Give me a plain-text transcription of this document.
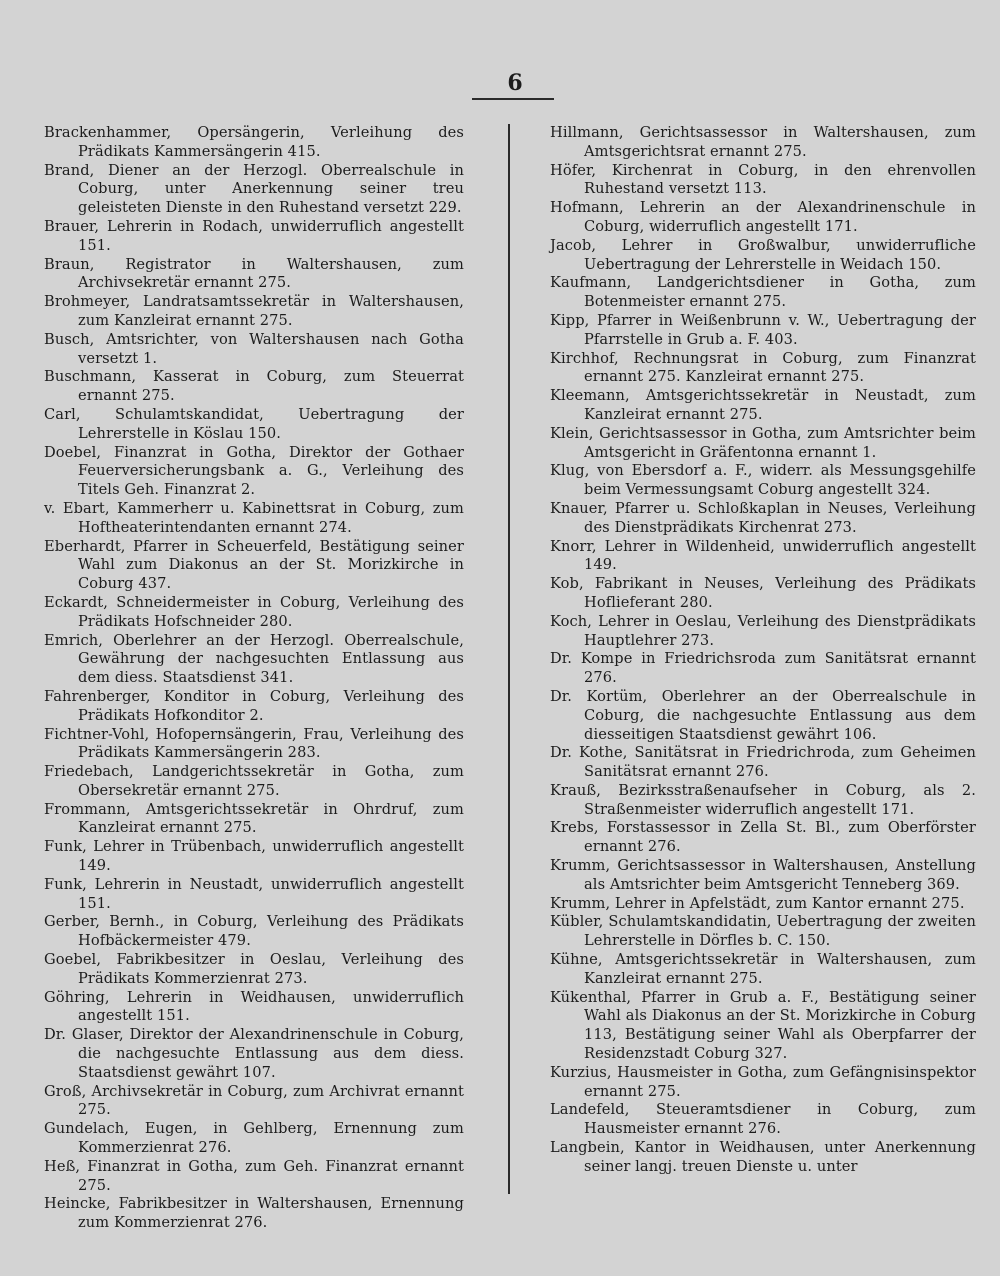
6
Brackenhammer, Opersängerin, Verleihung des Prädikats Kammersängerin 415.
Brand, Diener an der Herzogl. Oberrealschule in Coburg, unter Anerkennung seiner treu geleisteten Dienste in den Ruhestand versetzt 229.
Brauer, Lehrerin in Rodach, unwiderruflich angestellt 151.
Braun, Registrator in Waltershausen, zum Archivsekretär ernannt 275.
Brohmeyer, Landratsamtssekretär in Waltershausen, zum Kanzleirat ernannt 275.
Busch, Amtsrichter, von Waltershausen nach Gotha versetzt 1.
Buschmann, Kasserat in Coburg, zum Steuerrat ernannt 275.
Carl, Schulamtskandidat, Uebertragung der Lehrerstelle in Köslau 150.
Doebel, Finanzrat in Gotha, Direktor der Gothaer Feuerversicherungsbank a. G., Verleihung des Titels Geh. Finanzrat 2.
v. Ebart, Kammerherr u. Kabinettsrat in Coburg, zum Hoftheaterintendanten ernannt 274.
Eberhardt, Pfarrer in Scheuerfeld, Bestätigung seiner Wahl zum Diakonus an der St. Morizkirche in Coburg 437.
Eckardt, Schneidermeister in Coburg, Verleihung des Prädikats Hofschneider 280.
Emrich, Oberlehrer an der Herzogl. Oberrealschule, Gewährung der nachgesuchten Entlassung aus dem diess. Staatsdienst 341.
Fahrenberger, Konditor in Coburg, Verleihung des Prädikats Hofkonditor 2.
Fichtner-Vohl, Hofopernsängerin, Frau, Verleihung des Prädikats Kammersängerin 283.
Friedebach, Landgerichtssekretär in Gotha, zum Obersekretär ernannt 275.
Frommann, Amtsgerichtssekretär in Ohrdruf, zum Kanzleirat ernannt 275.
Funk, Lehrer in Trübenbach, unwiderruflich angestellt 149.
Funk, Lehrerin in Neustadt, unwiderruflich angestellt 151.
Gerber, Bernh., in Coburg, Verleihung des Prädikats Hofbäckermeister 479.
Goebel, Fabrikbesitzer in Oeslau, Verleihung des Prädikats Kommerzienrat 273.
Göhring, Lehrerin in Weidhausen, unwiderruflich angestellt 151.
Dr. Glaser, Direktor der Alexandrinenschule in Coburg, die nachgesuchte Entlassung aus dem diess. Staatsdienst gewährt 107.
Groß, Archivsekretär in Coburg, zum Archivrat ernannt 275.
Gundelach, Eugen, in Gehlberg, Ernennung zum Kommerzienrat 276.
Heß, Finanzrat in Gotha, zum Geh. Finanzrat ernannt 275.
Heincke, Fabrikbesitzer in Waltershausen, Ernennung zum Kommerzienrat 276.
Hillmann, Gerichtsassessor in Waltershausen, zum Amtsgerichtsrat ernannt 275.
Höfer, Kirchenrat in Coburg, in den ehrenvollen Ruhestand versetzt 113.
Hofmann, Lehrerin an der Alexandrinenschule in Coburg, widerruflich angestellt 171.
Jacob, Lehrer in Großwalbur, unwiderrufliche Uebertragung der Lehrerstelle in Weidach 150.
Kaufmann, Landgerichtsdiener in Gotha, zum Botenmeister ernannt 275.
Kipp, Pfarrer in Weißenbrunn v. W., Uebertragung der Pfarrstelle in Grub a. F. 403.
Kirchhof, Rechnungsrat in Coburg, zum Finanzrat ernannt 275. Kanzleirat ernannt 275.
Kleemann, Amtsgerichtssekretär in Neustadt, zum Kanzleirat ernannt 275.
Klein, Gerichtsassessor in Gotha, zum Amtsrichter beim Amtsgericht in Gräfentonna ernannt 1.
Klug, von Ebersdorf a. F., widerr. als Messungsgehilfe beim Vermessungsamt Coburg angestellt 324.
Knauer, Pfarrer u. Schloßkaplan in Neuses, Verleihung des Dienstprädikats Kirchenrat 273.
Knorr, Lehrer in Wildenheid, unwiderruflich angestellt 149.
Kob, Fabrikant in Neuses, Verleihung des Prädikats Hoflieferant 280.
Koch, Lehrer in Oeslau, Verleihung des Dienstprädikats Hauptlehrer 273.
Dr. Kompe in Friedrichsroda zum Sanitätsrat ernannt 276.
Dr. Kortüm, Oberlehrer an der Oberrealschule in Coburg, die nachgesuchte Entlassung aus dem diesseitigen Staatsdienst gewährt 106.
Dr. Kothe, Sanitätsrat in Friedrichroda, zum Geheimen Sanitätsrat ernannt 276.
Krauß, Bezirksstraßenaufseher in Coburg, als 2. Straßenmeister widerruflich angestellt 171.
Krebs, Forstassessor in Zella St. Bl., zum Oberförster ernannt 276.
Krumm, Gerichtsassessor in Waltershausen, Anstellung als Amtsrichter beim Amtsgericht Tenneberg 369.
Krumm, Lehrer in Apfelstädt, zum Kantor ernannt 275.
Kübler, Schulamtskandidatin, Uebertragung der zweiten Lehrerstelle in Dörfles b. C. 150.
Kühne, Amtsgerichtssekretär in Waltershausen, zum Kanzleirat ernannt 275.
Kükenthal, Pfarrer in Grub a. F., Bestätigung seiner Wahl als Diakonus an der St. Morizkirche in Coburg 113, Bestätigung seiner Wahl als Oberpfarrer der Residenzstadt Coburg 327.
Kurzius, Hausmeister in Gotha, zum Gefängnisinspektor ernannt 275.
Landefeld, Steueramtsdiener in Coburg, zum Hausmeister ernannt 276.
Langbein, Kantor in Weidhausen, unter Anerkennung seiner langj. treuen Dienste u. unter
